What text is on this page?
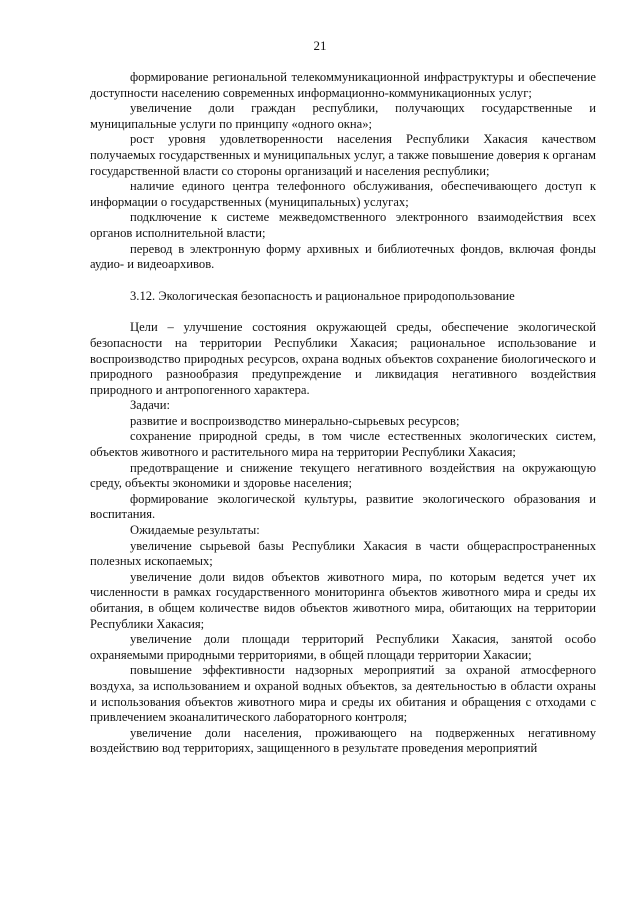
21

формирование региональной телекоммуникационной инфраструктуры и обеспечение доступности населению современных информационно-коммуникационных услуг;

увеличение доли граждан республики, получающих государственные и муниципальные услуги по принципу «одного окна»;

рост уровня удовлетворенности населения Республики Хакасия качеством получаемых государственных и муниципальных услуг, а также повышение доверия к органам государственной власти со стороны организаций и населения республики;

наличие единого центра телефонного обслуживания, обеспечивающего доступ к информации о государственных (муниципальных) услугах;

подключение к системе межведомственного электронного взаимодействия всех органов исполнительной власти;

перевод в электронную форму архивных и библиотечных фондов, включая фонды аудио- и видеоархивов.

3.12. Экологическая безопасность и рациональное природопользование

Цели – улучшение состояния окружающей среды, обеспечение экологической безопасности на территории Республики Хакасия; рациональное использование и воспроизводство природных ресурсов, охрана водных объектов сохранение биологического и природного разнообразия предупреждение и ликвидация негативного воздействия природного и антропогенного характера.

Задачи:

развитие и воспроизводство минерально-сырьевых ресурсов;

сохранение природной среды, в том числе естественных экологических систем, объектов животного и растительного мира на территории Республики Хакасия;

предотвращение и снижение текущего негативного воздействия на окружающую среду, объекты экономики и здоровье населения;

формирование экологической культуры, развитие экологического образования и воспитания.

Ожидаемые результаты:

увеличение сырьевой базы Республики Хакасия в части общераспространенных полезных ископаемых;

увеличение доли видов объектов животного мира, по которым ведется учет их численности в рамках государственного мониторинга объектов животного мира и среды их обитания, в общем количестве видов объектов животного мира, обитающих на территории Республики Хакасия;

увеличение доли площади территорий Республики Хакасия, занятой особо охраняемыми природными территориями, в общей площади территории Хакасии;

повышение эффективности надзорных мероприятий за охраной атмосферного воздуха, за использованием и охраной водных объектов, за деятельностью в области охраны и использования объектов животного мира и среды их обитания и обращения с отходами с привлечением экоаналитического лабораторного контроля;

увеличение доли населения, проживающего на подверженных негативному воздействию вод территориях, защищенного в результате проведения мероприятий
